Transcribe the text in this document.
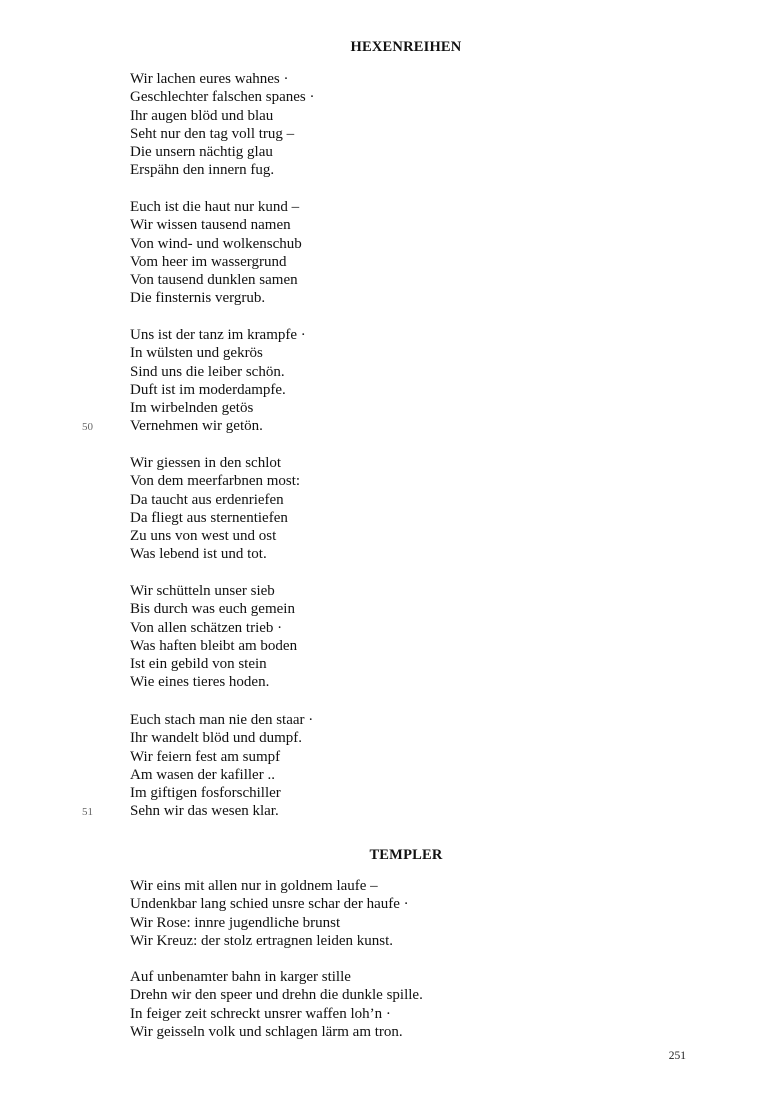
HEXENREIHEN
Wir lachen eures wahnes ·
Geschlechter falschen spanes ·
Ihr augen blöd und blau
Seht nur den tag voll trug –
Die unsern nächtig glau
Erspähn den innern fug.
Euch ist die haut nur kund –
Wir wissen tausend namen
Von wind- und wolkenschub
Vom heer im wassergrund
Von tausend dunklen samen
Die finsternis vergrub.
Uns ist der tanz im krampfe ·
In wülsten und gekrös
Sind uns die leiber schön.
Duft ist im moderdampfe.
Im wirbelnden getös
Vernehmen wir getön.
50
Wir giessen in den schlot
Von dem meerfarbnen most:
Da taucht aus erdenriefen
Da fliegt aus sternentiefen
Zu uns von west und ost
Was lebend ist und tot.
Wir schütteln unser sieb
Bis durch was euch gemein
Von allen schätzen trieb ·
Was haften bleibt am boden
Ist ein gebild von stein
Wie eines tieres hoden.
Euch stach man nie den staar ·
Ihr wandelt blöd und dumpf.
Wir feiern fest am sumpf
Am wasen der kafiller ..
Im giftigen fosforschiller
Sehn wir das wesen klar.
51
TEMPLER
Wir eins mit allen nur in goldnem laufe –
Undenkbar lang schied unsre schar der haufe ·
Wir Rose: innre jugendliche brunst
Wir Kreuz: der stolz ertragnen leiden kunst.
Auf unbenamter bahn in karger stille
Drehn wir den speer und drehn die dunkle spille.
In feiger zeit schreckt unsrer waffen loh’n ·
Wir geisseln volk und schlagen lärm am tron.
251
